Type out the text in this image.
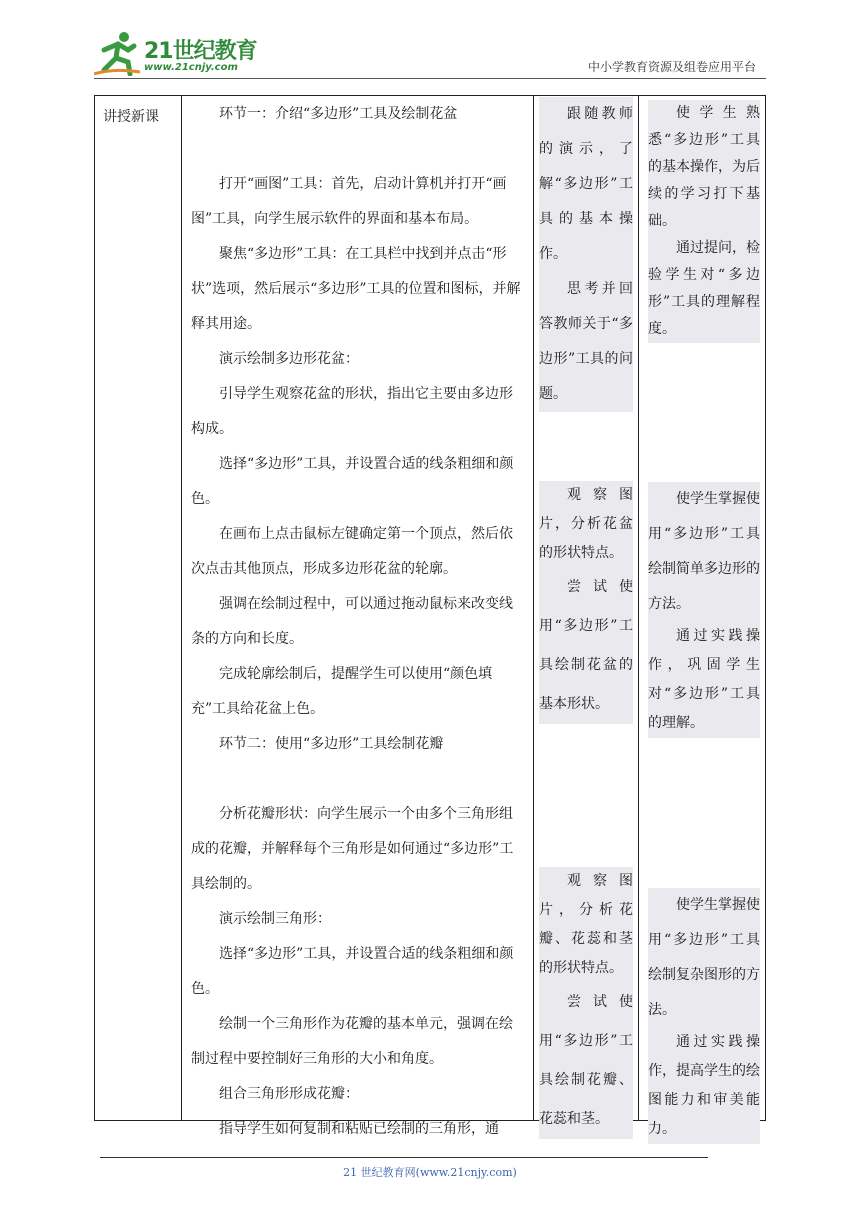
21世纪教育
www.21cnjy.com	中小学教育资源及组卷应用平台
讲授新课	环节一：介绍“多边形”工具及绘制花盆

打开“画图”工具：首先，启动计算机并打开“画图”工具，向学生展示软件的界面和基本布局。

聚焦“多边形”工具：在工具栏中找到并点击“形状”选项，然后展示“多边形”工具的位置和图标，并解释其用途。

演示绘制多边形花盆：

引导学生观察花盆的形状，指出它主要由多边形构成。

选择“多边形”工具，并设置合适的线条粗细和颜色。

在画布上点击鼠标左键确定第一个顶点，然后依次点击其他顶点，形成多边形花盆的轮廓。

强调在绘制过程中，可以通过拖动鼠标来改变线条的方向和长度。

完成轮廓绘制后，提醒学生可以使用“颜色填充”工具给花盆上色。

环节二：使用“多边形”工具绘制花瓣

分析花瓣形状：向学生展示一个由多个三角形组成的花瓣，并解释每个三角形是如何通过“多边形”工具绘制的。

演示绘制三角形：

选择“多边形”工具，并设置合适的线条粗细和颜色。

绘制一个三角形作为花瓣的基本单元，强调在绘制过程中要控制好三角形的大小和角度。

组合三角形形成花瓣：

指导学生如何复制和粘贴已绘制的三角形，通

跟随教师的演示，了解“多边形”工具的基本操作。

思考并回答教师关于“多边形”工具的问题。

观察图片，分析花盆的形状特点。

尝试使用“多边形”工具绘制花盆的基本形状。

观察图片，分析花瓣、花蕊和茎的形状特点。

尝试使用“多边形”工具绘制花瓣、花蕊和茎。

使学生熟悉“多边形”工具的基本操作，为后续的学习打下基础。

通过提问，检验学生对“多边形”工具的理解程度。

使学生掌握使用“多边形”工具绘制简单多边形的方法。

通过实践操作，巩固学生对“多边形”工具的理解。

使学生掌握使用“多边形”工具绘制复杂图形的方法。

通过实践操作，提高学生的绘图能力和审美能力。

21 世纪教育网(www.21cnjy.com)
